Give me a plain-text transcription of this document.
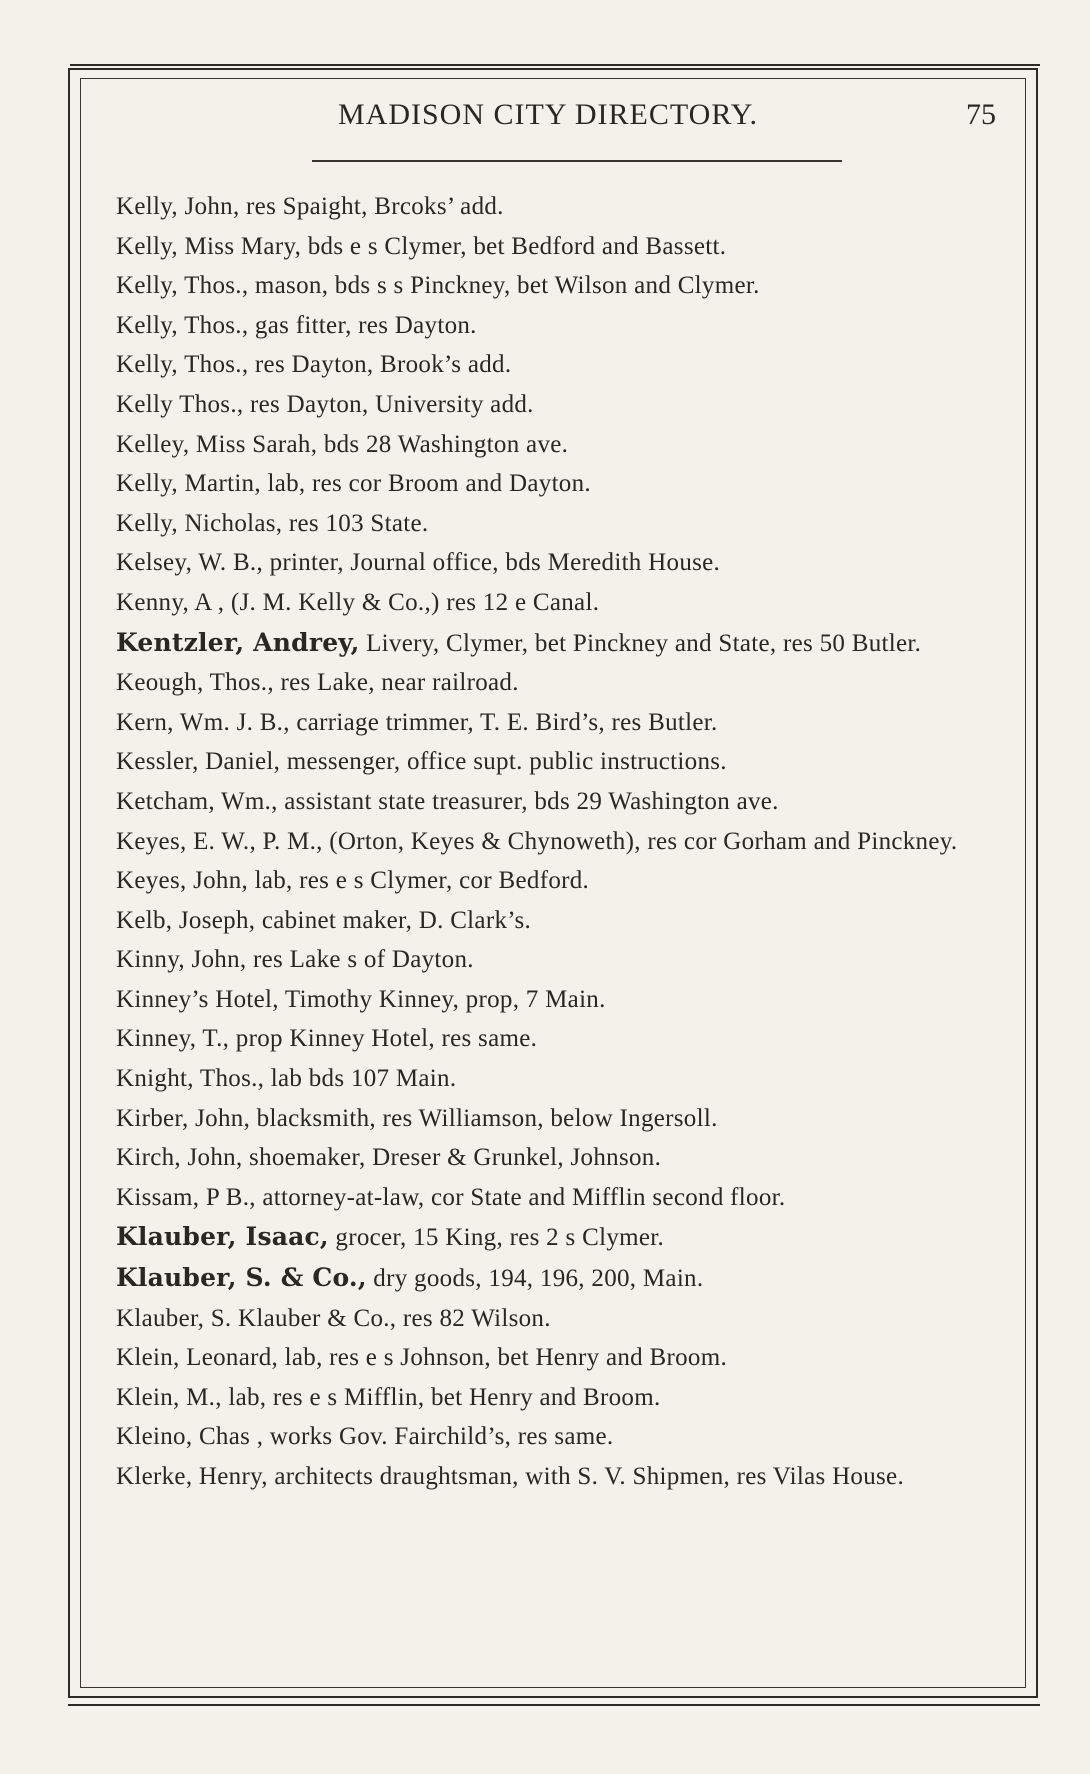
MADISON CITY DIRECTORY.	75
Kelly, John, res Spaight, Brcoks’ add.
Kelly, Miss Mary, bds e s Clymer, bet Bedford and Bassett.
Kelly, Thos., mason, bds s s Pinckney, bet Wilson and Clymer.
Kelly, Thos., gas fitter, res Dayton.
Kelly, Thos., res Dayton, Brook’s add.
Kelly Thos., res Dayton, University add.
Kelley, Miss Sarah, bds 28 Washington ave.
Kelly, Martin, lab, res cor Broom and Dayton.
Kelly, Nicholas, res 103 State.
Kelsey, W. B., printer, Journal office, bds Meredith House.
Kenny, A , (J. M. Kelly & Co.,) res 12 e Canal.
Kentzler, Andrey, Livery, Clymer, bet Pinckney and State, res 50 Butler.
Keough, Thos., res Lake, near railroad.
Kern, Wm. J. B., carriage trimmer, T. E. Bird’s, res Butler.
Kessler, Daniel, messenger, office supt. public instructions.
Ketcham, Wm., assistant state treasurer, bds 29 Washington ave.
Keyes, E. W., P. M., (Orton, Keyes & Chynoweth), res cor Gorham and Pinckney.
Keyes, John, lab, res e s Clymer, cor Bedford.
Kelb, Joseph, cabinet maker, D. Clark’s.
Kinny, John, res Lake s of Dayton.
Kinney’s Hotel, Timothy Kinney, prop, 7 Main.
Kinney, T., prop Kinney Hotel, res same.
Knight, Thos., lab bds 107 Main.
Kirber, John, blacksmith, res Williamson, below Ingersoll.
Kirch, John, shoemaker, Dreser & Grunkel, Johnson.
Kissam, P B., attorney-at-law, cor State and Mifflin second floor.
Klauber, Isaac, grocer, 15 King, res 2 s Clymer.
Klauber, S. & Co., dry goods, 194, 196, 200, Main.
Klauber, S. Klauber & Co., res 82 Wilson.
Klein, Leonard, lab, res e s Johnson, bet Henry and Broom.
Klein, M., lab, res e s Mifflin, bet Henry and Broom.
Kleino, Chas , works Gov. Fairchild’s, res same.
Klerke, Henry, architects draughtsman, with S. V. Shipmen, res Vilas House.
